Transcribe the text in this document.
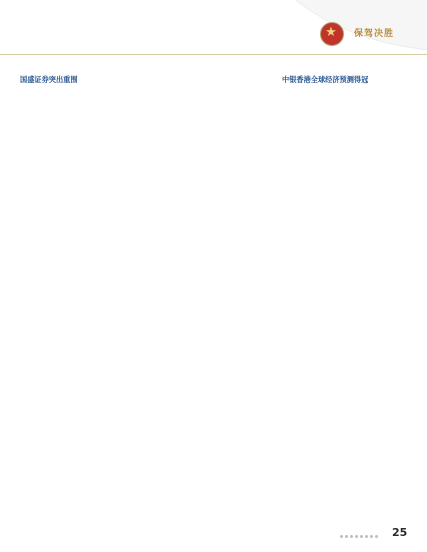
★	保驾决胜
国盛证券突出重围	中银香港全球经济预测得冠
25
